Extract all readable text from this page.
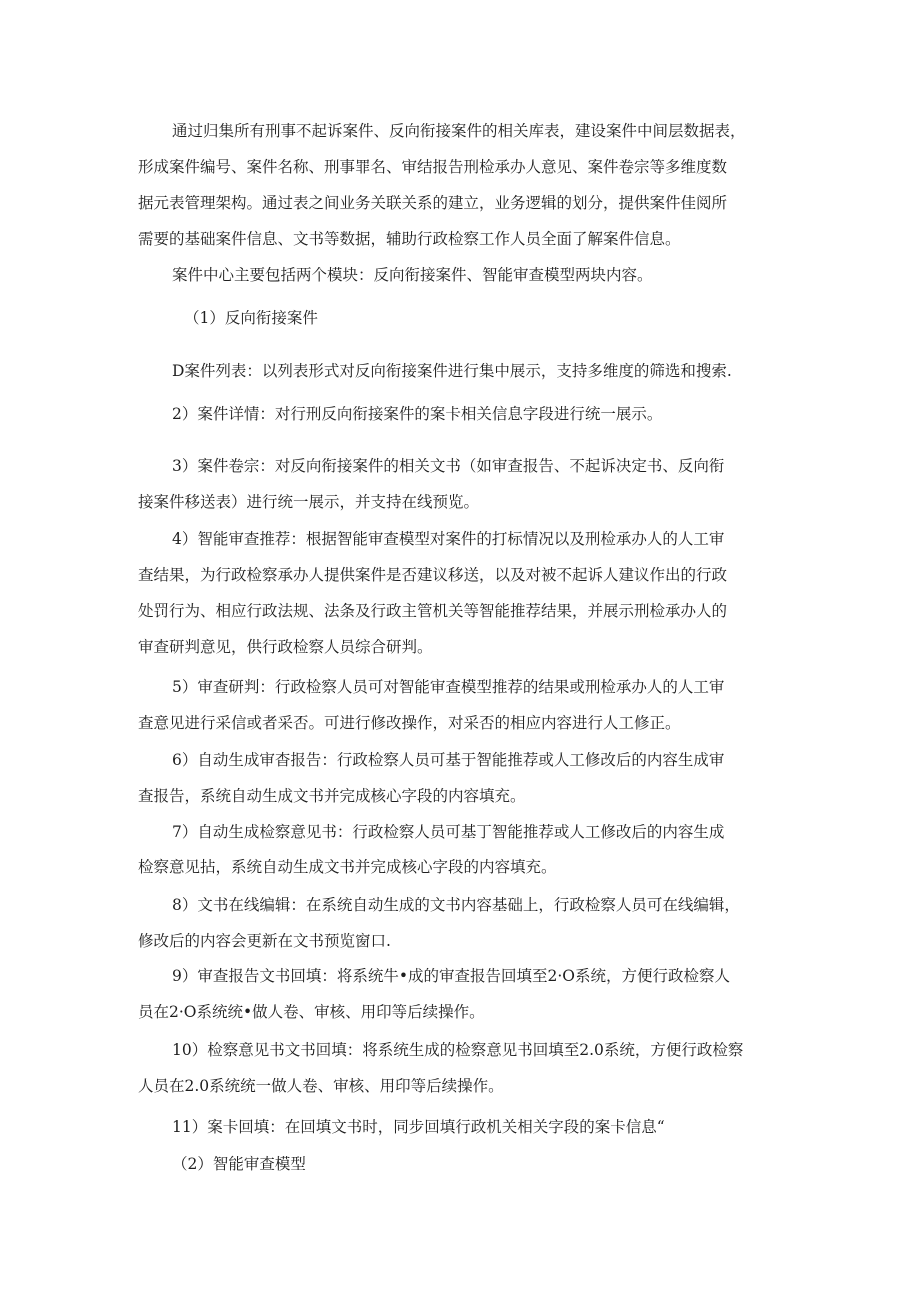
通过归集所有刑事不起诉案件、反向衔接案件的相关库表，建设案件中间层数据表，
形成案件编号、案件名称、刑事罪名、审结报告刑检承办人意见、案件卷宗等多维度数
据元表管理架构。通过表之间业务关联关系的建立，业务逻辑的划分，提供案件佳阅所
需要的基础案件信息、文书等数据，辅助行政检察工作人员全面了解案件信息。
案件中心主要包括两个模块：反向衔接案件、智能审查模型两块内容。
（1）反向衔接案件
D案件列表：以列表形式对反向衔接案件进行集中展示，支持多维度的筛选和搜索.
2）案件详情：对行刑反向衔接案件的案卡相关信息字段进行统一展示。
3）案件卷宗：对反向衔接案件的相关文书（如审查报告、不起诉决定书、反向衔
接案件移送表）进行统一展示，并支持在线预览。
4）智能审查推荐：根据智能审查模型对案件的打标情况以及刑检承办人的人工审
查结果，为行政检察承办人提供案件是否建议移送，以及对被不起诉人建议作出的行政
处罚行为、相应行政法规、法条及行政主管机关等智能推荐结果，并展示刑检承办人的
审查研判意见，供行政检察人员综合研判。
5）审查研判：行政检察人员可对智能审查模型推荐的结果或刑检承办人的人工审
查意见进行采信或者采否。可进行修改操作，对采否的相应内容进行人工修正。
6）自动生成审杳报告：行政检察人员可基于智能推荐或人工修改后的内容生成审
查报告，系统自动生成文书并完成核心字段的内容填充。
7）自动生成检察意见书：行政检察人员可基丁智能推荐或人工修改后的内容生成
检察意见拈，系统自动生成文书并完成核心字段的内容填充。
8）文书在线编辑：在系统自动生成的文书内容基础上，行政检察人员可在线编辑，
修改后的内容会更新在文书预览窗口.
9）审查报告文书回填：将系统牛•成的审查报告回填至2·O系统，方便行政检察人
员在2·O系统统•做人卷、审核、用印等后续操作。
10）检察意见书文书回填：将系统生成的检察意见书回填至2.0系统，方便行政检察
人员在2.0系统统一做人卷、审核、用印等后续操作。
11）案卡回填：在回填文书时，同步回填行政机关相关字段的案卡信息“
（2）智能审查模型
